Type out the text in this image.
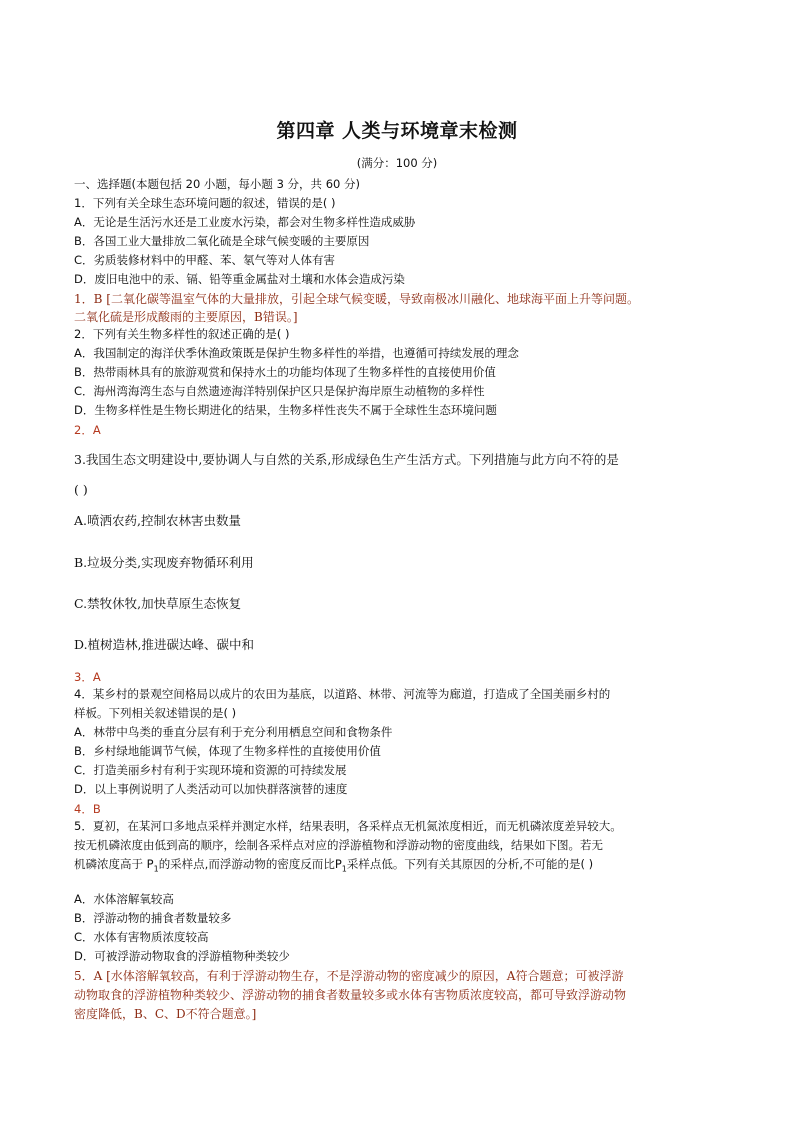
第四章 人类与环境章末检测
(满分：100 分)
一、选择题(本题包括 20 小题，每小题 3 分，共 60 分)
1．下列有关全球生态环境问题的叙述，错误的是( )
A．无论是生活污水还是工业废水污染，都会对生物多样性造成威胁
B．各国工业大量排放二氧化硫是全球气候变暖的主要原因
C．劣质装修材料中的甲醛、苯、氡气等对人体有害
D．废旧电池中的汞、镉、铅等重金属盐对土壤和水体会造成污染
1．B [二氧化碳等温室气体的大量排放，引起全球气候变暖，导致南极冰川融化、地球海平面上升等问题。
二氧化硫是形成酸雨的主要原因，B错误。]
2．下列有关生物多样性的叙述正确的是( )
A．我国制定的海洋伏季休渔政策既是保护生物多样性的举措，也遵循可持续发展的理念
B．热带雨林具有的旅游观赏和保持水土的功能均体现了生物多样性的直接使用价值
C．海州湾海湾生态与自然遗迹海洋特别保护区只是保护海岸原生动植物的多样性
D．生物多样性是生物长期进化的结果，生物多样性丧失不属于全球性生态环境问题
2．A
3.我国生态文明建设中,要协调人与自然的关系,形成绿色生产生活方式。下列措施与此方向不符的是
( )
A.喷洒农药,控制农林害虫数量
B.垃圾分类,实现废弃物循环利用
C.禁牧休牧,加快草原生态恢复
D.植树造林,推进碳达峰、碳中和
3．A
4．某乡村的景观空间格局以成片的农田为基底，以道路、林带、河流等为廊道，打造成了全国美丽乡村的
样板。下列相关叙述错误的是( )
A．林带中鸟类的垂直分层有利于充分利用栖息空间和食物条件
B．乡村绿地能调节气候，体现了生物多样性的直接使用价值
C．打造美丽乡村有利于实现环境和资源的可持续发展
D．以上事例说明了人类活动可以加快群落演替的速度
4．B
5．夏初，在某河口多地点采样并测定水样，结果表明，各采样点无机氮浓度相近，而无机磷浓度差异较大。
按无机磷浓度由低到高的顺序，绘制各采样点对应的浮游植物和浮游动物的密度曲线，结果如下图。若无
机磷浓度高于 $P_1$的采样点,而浮游动物的密度反而比$P_1$采样点低。下列有关其原因的分析,不可能的是( )
A．水体溶解氧较高
B．浮游动物的捕食者数量较多
C．水体有害物质浓度较高
D．可被浮游动物取食的浮游植物种类较少
5．A [水体溶解氧较高，有利于浮游动物生存，不是浮游动物的密度减少的原因，A符合题意；可被浮游
动物取食的浮游植物种类较少、浮游动物的捕食者数量较多或水体有害物质浓度较高，都可导致浮游动物
密度降低，B、C、D不符合题意。]
